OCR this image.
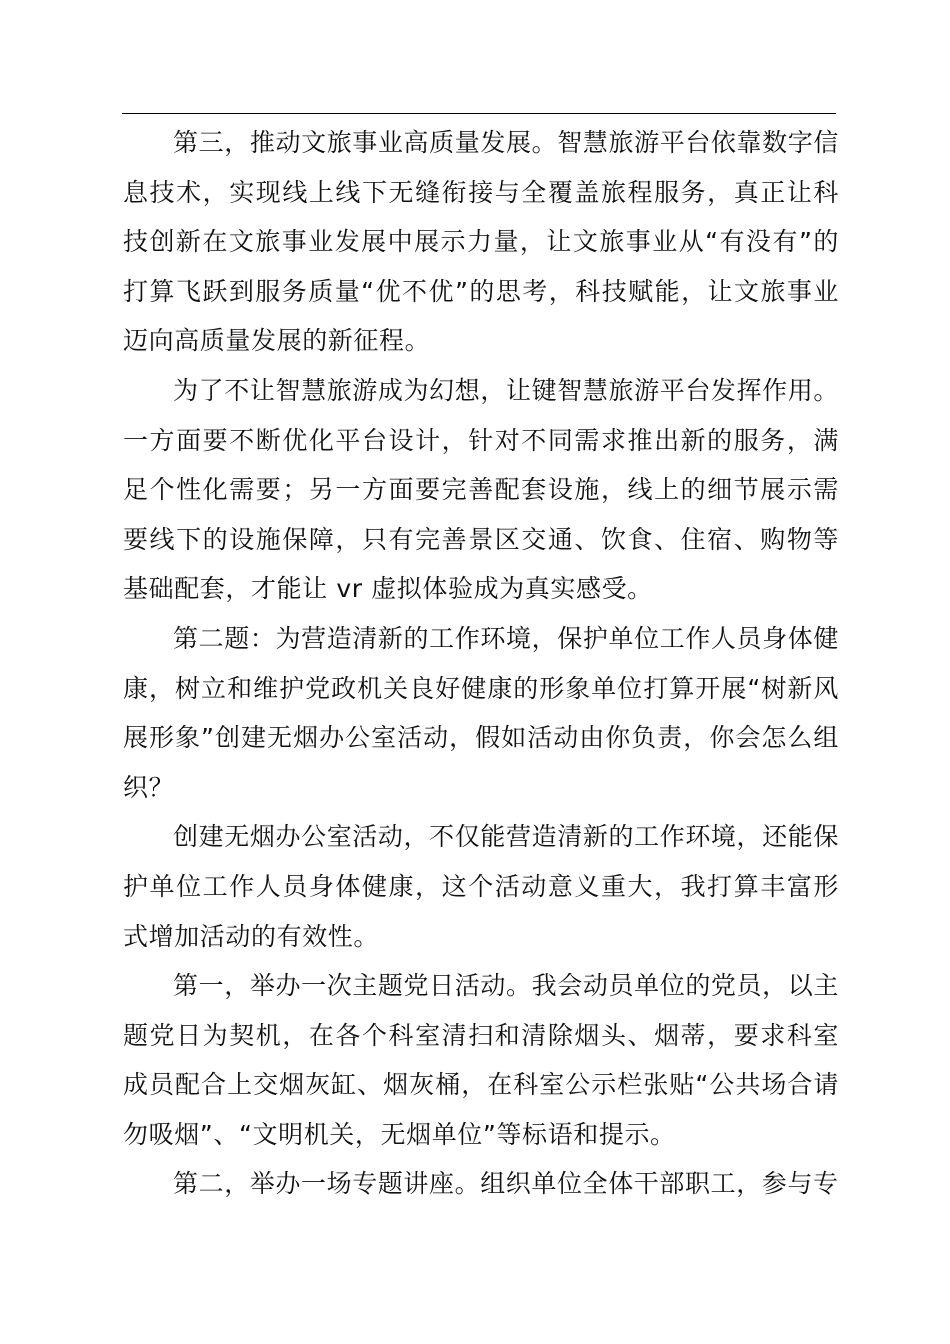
第三，推动文旅事业高质量发展。智慧旅游平台依靠数字信息技术，实现线上线下无缝衔接与全覆盖旅程服务，真正让科技创新在文旅事业发展中展示力量，让文旅事业从“有没有”的打算飞跃到服务质量“优不优”的思考，科技赋能，让文旅事业迈向高质量发展的新征程。

为了不让智慧旅游成为幻想，让键智慧旅游平台发挥作用。一方面要不断优化平台设计，针对不同需求推出新的服务，满足个性化需要；另一方面要完善配套设施，线上的细节展示需要线下的设施保障，只有完善景区交通、饮食、住宿、购物等基础配套，才能让 vr 虚拟体验成为真实感受。

第二题：为营造清新的工作环境，保护单位工作人员身体健康，树立和维护党政机关良好健康的形象单位打算开展“树新风展形象”创建无烟办公室活动，假如活动由你负责，你会怎么组织？

创建无烟办公室活动，不仅能营造清新的工作环境，还能保护单位工作人员身体健康，这个活动意义重大，我打算丰富形式增加活动的有效性。

第一，举办一次主题党日活动。我会动员单位的党员，以主题党日为契机，在各个科室清扫和清除烟头、烟蒂，要求科室成员配合上交烟灰缸、烟灰桶，在科室公示栏张贴“公共场合请勿吸烟”、“文明机关，无烟单位”等标语和提示。

第二，举办一场专题讲座。组织单位全体干部职工，参与专
